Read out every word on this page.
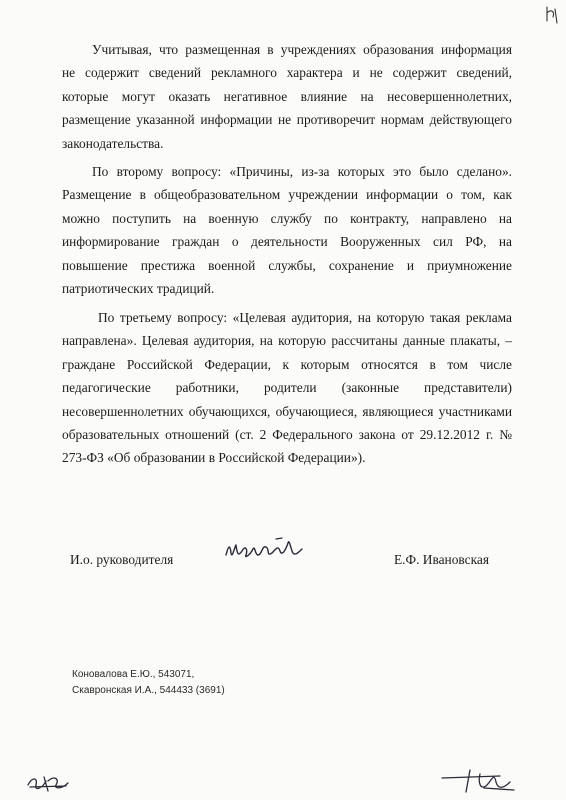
Учитывая, что размещенная в учреждениях образования информация
не содержит сведений рекламного характера и не содержит сведений,
которые могут оказать негативное влияние на несовершеннолетних,
размещение указанной информации не противоречит нормам действующего
законодательства.
По второму вопросу: «Причины, из-за которых это было сделано».
Размещение в общеобразовательном учреждении информации о том, как
можно поступить на военную службу по контракту, направлено на
информирование граждан о деятельности Вооруженных сил РФ, на
повышение престижа военной службы, сохранение и приумножение
патриотических традиций.
По третьему вопросу: «Целевая аудитория, на которую такая реклама
направлена». Целевая аудитория, на которую рассчитаны данные плакаты, –
граждане Российской Федерации, к которым относятся в том числе
педагогические работники, родители (законные представители)
несовершеннолетних обучающихся, обучающиеся, являющиеся участниками
образовательных отношений (ст. 2 Федерального закона от 29.12.2012 г. №
273-ФЗ «Об образовании в Российской Федерации»).
И.о. руководителя	Е.Ф. Ивановская
Коновалова Е.Ю., 543071,
Скавронская И.А., 544433 (3691)
